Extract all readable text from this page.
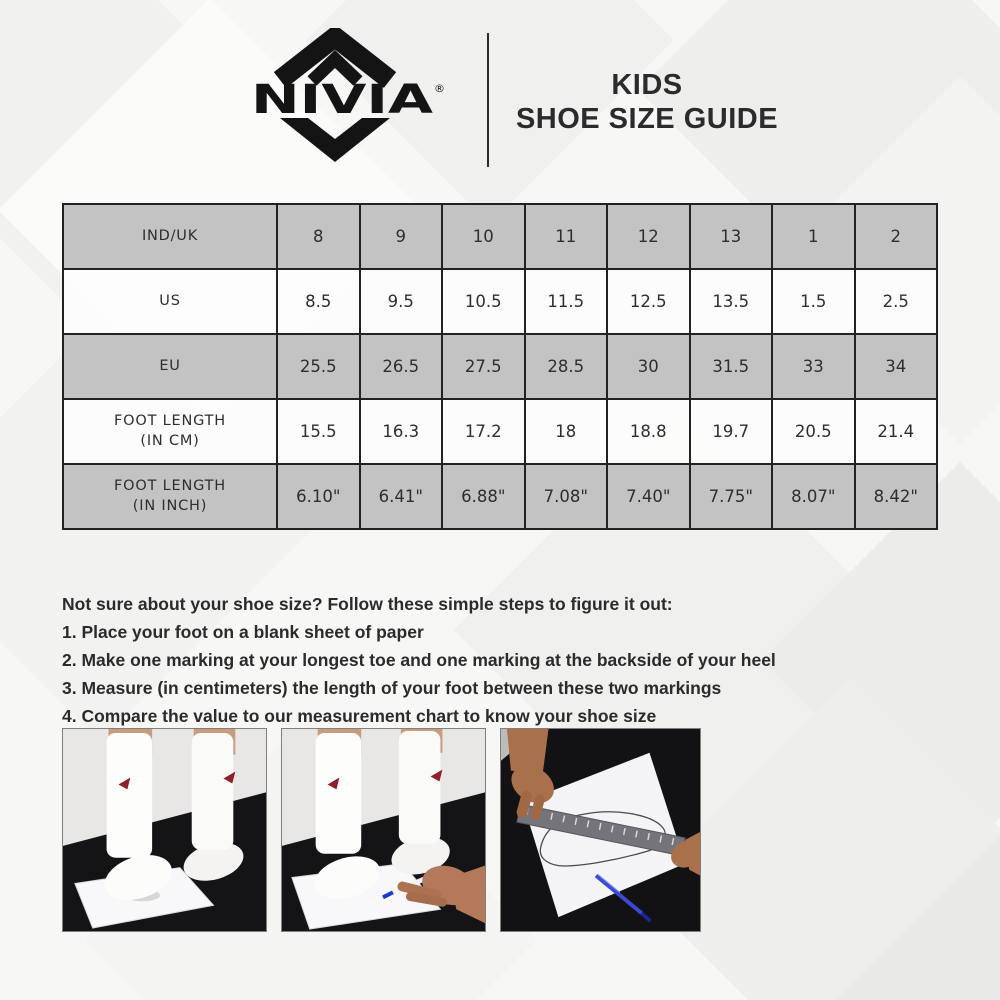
NIVIA ®	KIDS
SHOE SIZE GUIDE
IND/UK	8	9	10	11	12	13	1	2

US	8.5	9.5	10.5	11.5	12.5	13.5	1.5	2.5

EU	25.5	26.5	27.5	28.5	30	31.5	33	34

FOOT LENGTH
(IN CM)	15.5	16.3	17.2	18	18.8	19.7	20.5	21.4

FOOT LENGTH
(IN INCH)	6.10"	6.41"	6.88"	7.08"	7.40"	7.75"	8.07"	8.42"
Not sure about your shoe size? Follow these simple steps to figure it out:
1. Place your foot on a blank sheet of paper
2. Make one marking at your longest toe and one marking at the backside of your heel
3. Measure (in centimeters) the length of your foot between these two markings
4. Compare the value to our measurement chart to know your shoe size
